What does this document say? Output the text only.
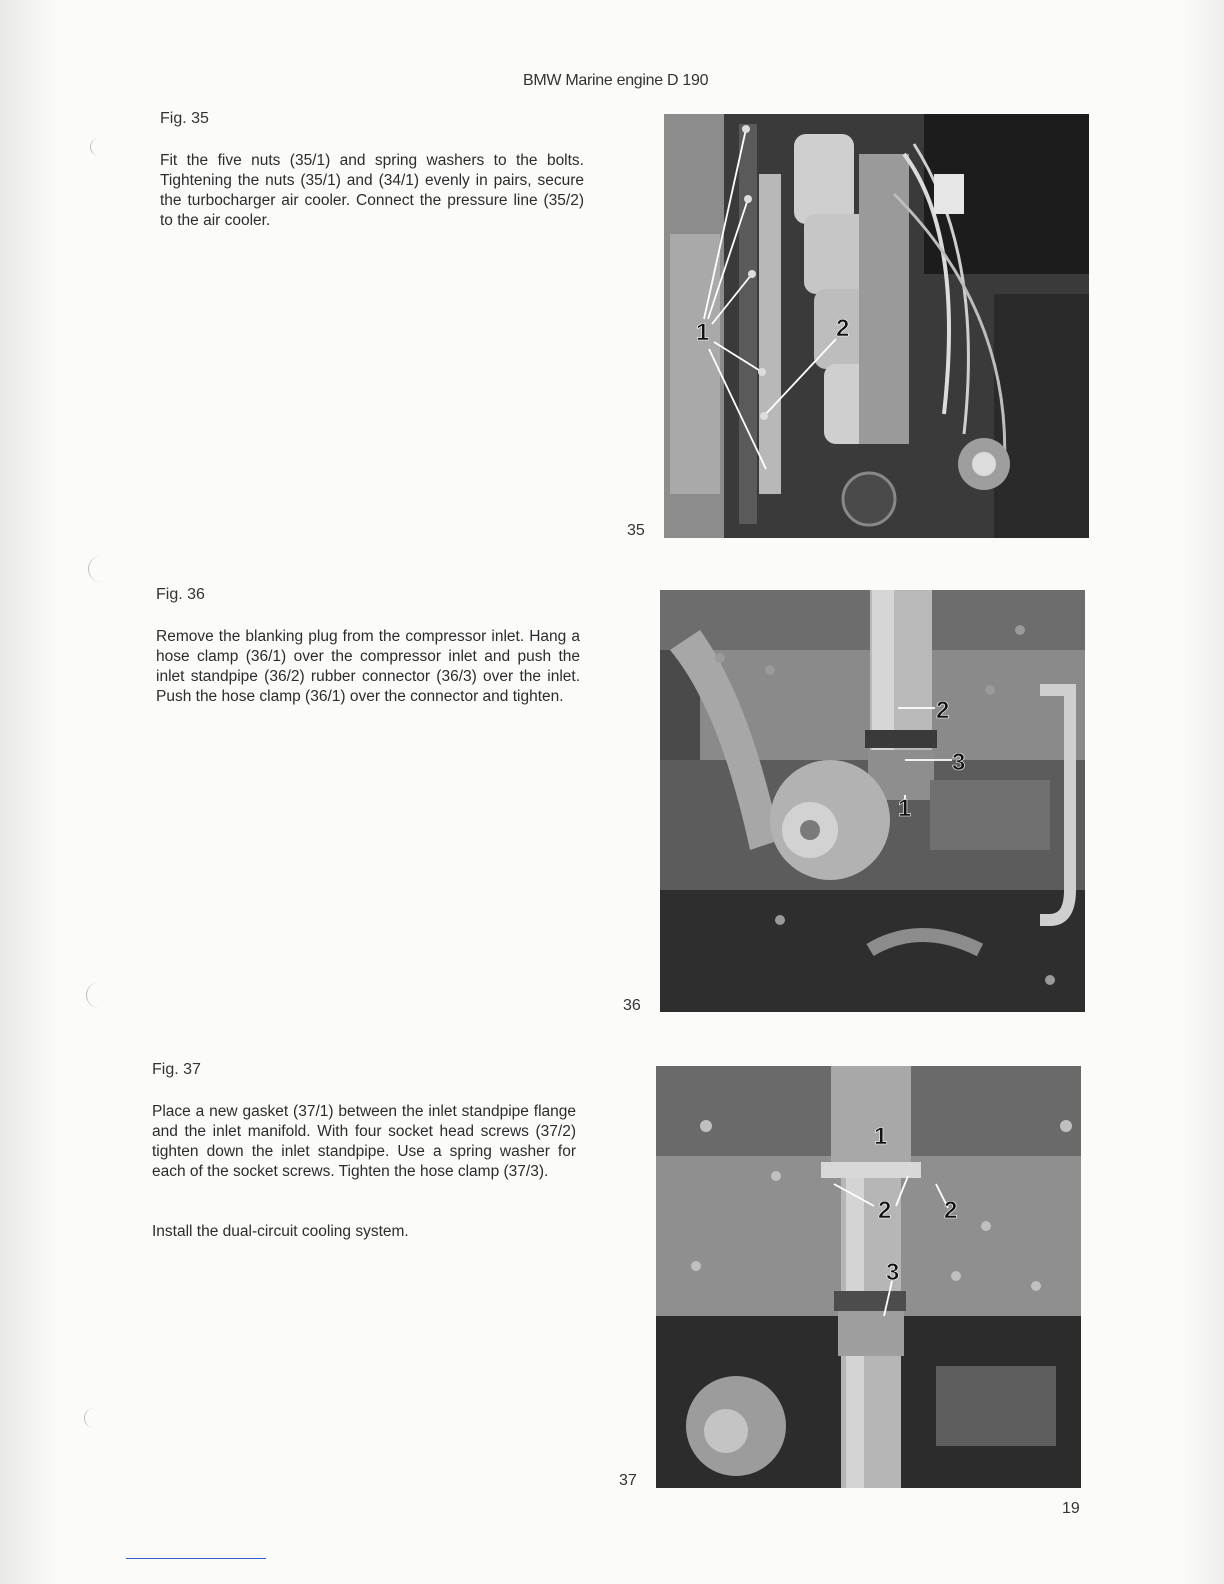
BMW Marine engine D 190
Fig. 35

Fit the five nuts (35/1) and spring washers to the bolts. Tightening the nuts (35/1) and (34/1) evenly in pairs, secure the turbocharger air cooler. Connect the pressure line (35/2) to the air cooler.

35
1	2
Fig. 36

Remove the blanking plug from the compressor inlet. Hang a hose clamp (36/1) over the compressor inlet and push the inlet standpipe (36/2) rubber connector (36/3) over the inlet. Push the hose clamp (36/1) over the connector and tighten.

36
2
3
1
Fig. 37

Place a new gasket (37/1) between the inlet standpipe flange and the inlet manifold. With four socket head screws (37/2) tighten down the inlet standpipe. Use a spring washer for each of the socket screws. Tighten the hose clamp (37/3).

Install the dual-circuit cooling system.

37
1
2 2
3
19
